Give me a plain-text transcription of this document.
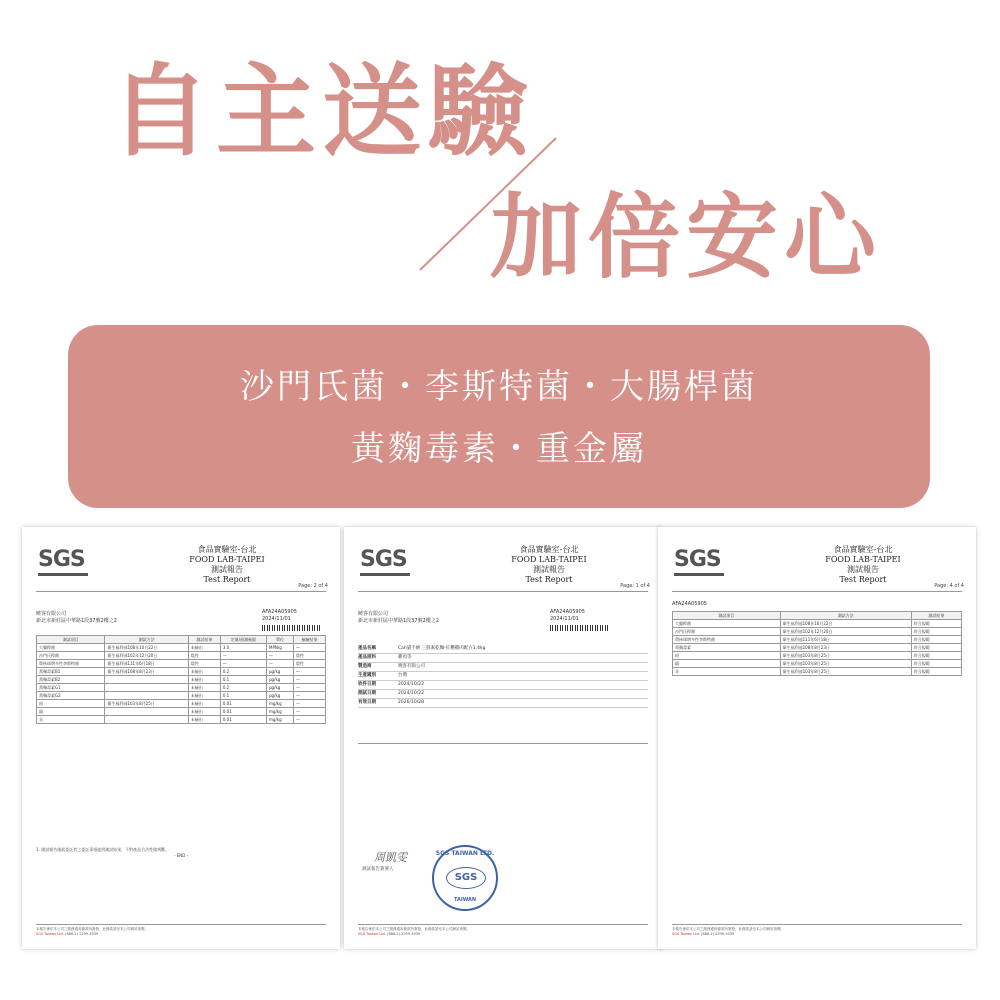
自主送驗
加倍安心
沙門氏菌・李斯特菌・大腸桿菌
黃麴毒素・重金屬
SGS	食品實驗室-台北
FOOD LAB-TAIPEI
測試報告
Test Report
Page: 2 of 4
曉客有限公司
新北市新莊區中華路1段37號2樓之2
AFA24A05905
2024/11/01
測試項目	測試方法	測試結果	定量/偵測極限	單位	檢驗結果
大腸桿菌	衛生福利部108年10月22日	未檢出	3.0	MPN/g	—
沙門氏桿菌	衛生福利部102年12月20日	陰性	—	—	陰性
單核球增多性李斯特菌	衛生福利部111年6月18日	陰性	—	—	陰性
黃麴毒素B1	衛生福利部108年8月23日	未檢出	0.2	μg/kg	—
黃麴毒素B2		未檢出	0.1	μg/kg	—
黃麴毒素G1		未檢出	0.2	μg/kg	—
黃麴毒素G2		未檢出	0.1	μg/kg	—
鉛	衛生福利部103年8月25日	未檢出	0.01	mg/kg	—
鎘		未檢出	0.01	mg/kg	—
汞		未檢出	0.01	mg/kg	—
1. 測試報告僅就委託者之委託事項提供測試結果，不對產品合法性做判斷。
- END -
本報告係依本公司之服務通用條款所簽發，此條款請至本公司網站查閱。
SGS Taiwan Ltd. (886-2) 2299-3939
SGS	食品實驗室-台北
FOOD LAB-TAIPEI
測試報告
Test Report
Page: 1 of 4
曉客有限公司
新北市新莊區中華路1段37號2樓之2
AFA24A05905
2024/11/01
產品名稱	Cah貓手繪 三鮮素乾麵-紅糟雞肉配方1.4kg
產品原料	雞肉等
製造商	曉客有限公司
生產國別	台灣
收件日期	2024/10/22
測試日期	2024/10/22
有效日期	2026/10/28
周凱雯
測試報告簽署人
SGS TAIWAN LTD.
SGS
TAIWAN
本報告係依本公司之服務通用條款所簽發，此條款請至本公司網站查閱。
SGS Taiwan Ltd. (886-2) 2299-3939
SGS	食品實驗室-台北
FOOD LAB-TAIPEI
測試報告
Test Report
Page: 4 of 4
AFA24A05905
測試項目	測試方法	測試結果
大腸桿菌	衛生福利部108年10月22日	符合規範
沙門氏桿菌	衛生福利部102年12月20日	符合規範
單核球增多性李斯特菌	衛生福利部111年6月18日	符合規範
黃麴毒素	衛生福利部108年8月23日	符合規範
鉛	衛生福利部103年8月25日	符合規範
鎘	衛生福利部103年8月25日	符合規範
汞	衛生福利部103年8月25日	符合規範
本報告係依本公司之服務通用條款所簽發，此條款請至本公司網站查閱。
SGS Taiwan Ltd. (886-2) 2299-3939
